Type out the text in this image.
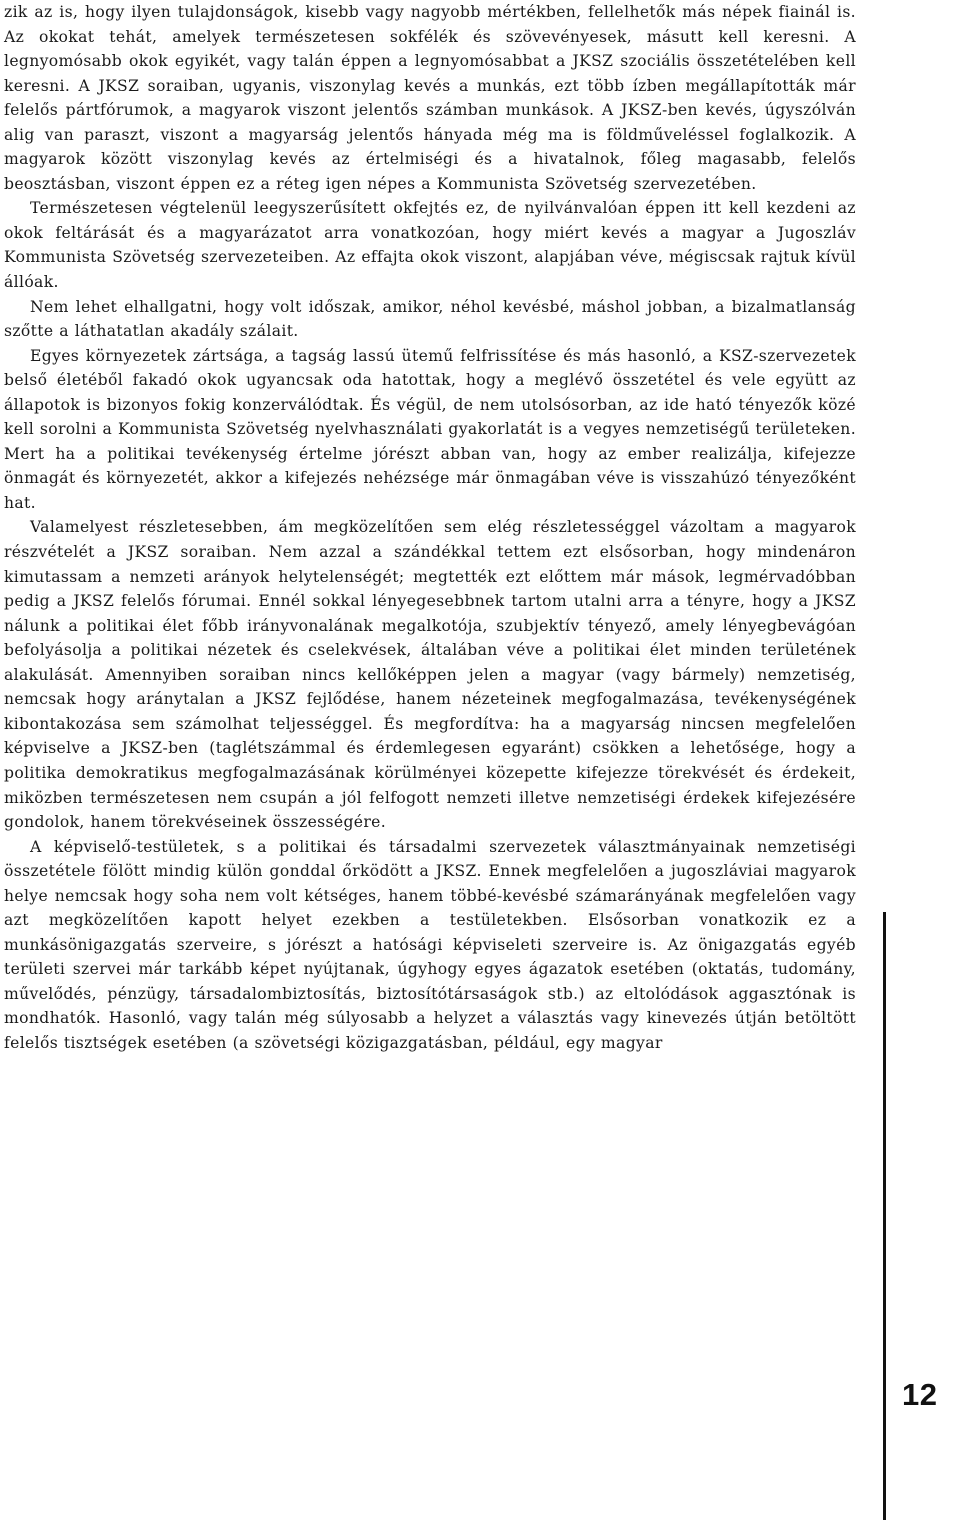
zik az is, hogy ilyen tulajdonságok, kisebb vagy nagyobb mértékben, fellelhetők más népek fiainál is. Az okokat tehát, amelyek természetesen sokfélék és szövevényesek, másutt kell keresni. A legnyomósabb okok egyikét, vagy talán éppen a legnyomósabbat a JKSZ szociális összetételében kell keresni. A JKSZ soraiban, ugyanis, viszonylag kevés a munkás, ezt több ízben megállapították már felelős pártfórumok, a magyarok viszont jelentős számban munkások. A JKSZ-ben kevés, úgyszólván alig van paraszt, viszont a magyarság jelentős hányada még ma is földműveléssel foglalkozik. A magyarok között viszonylag kevés az értelmiségi és a hivatalnok, főleg magasabb, felelős beosztásban, viszont éppen ez a réteg igen népes a Kommunista Szövetség szervezetében.

Természetesen végtelenül leegyszerűsített okfejtés ez, de nyilvánvalóan éppen itt kell kezdeni az okok feltárását és a magyarázatot arra vonatkozóan, hogy miért kevés a magyar a Jugoszláv Kommunista Szövetség szervezeteiben. Az effajta okok viszont, alapjában véve, mégiscsak rajtuk kívül állóak.

Nem lehet elhallgatni, hogy volt időszak, amikor, néhol kevésbé, máshol jobban, a bizalmatlanság szőtte a láthatatlan akadály szálait.

Egyes környezetek zártsága, a tagság lassú ütemű felfrissítése és más hasonló, a KSZ-szervezetek belső életéből fakadó okok ugyancsak oda hatottak, hogy a meglévő összetétel és vele együtt az állapotok is bizonyos fokig konzerválódtak. És végül, de nem utolsósorban, az ide ható tényezők közé kell sorolni a Kommunista Szövetség nyelvhasználati gyakorlatát is a vegyes nemzetiségű területeken. Mert ha a politikai tevékenység értelme jórészt abban van, hogy az ember realizálja, kifejezze önmagát és környezetét, akkor a kifejezés nehézsége már önmagában véve is visszahúzó tényezőként hat.

Valamelyest részletesebben, ám megközelítően sem elég részletességgel vázoltam a magyarok részvételét a JKSZ soraiban. Nem azzal a szándékkal tettem ezt elsősorban, hogy mindenáron kimutassam a nemzeti arányok helytelenségét; megtették ezt előttem már mások, legmérvadóbban pedig a JKSZ felelős fórumai. Ennél sokkal lényegesebbnek tartom utalni arra a tényre, hogy a JKSZ nálunk a politikai élet főbb irányvonalának megalkotója, szubjektív tényező, amely lényegbevágóan befolyásolja a politikai nézetek és cselekvések, általában véve a politikai élet minden területének alakulását. Amennyiben soraiban nincs kellőképpen jelen a magyar (vagy bármely) nemzetiség, nemcsak hogy aránytalan a JKSZ fejlődése, hanem nézeteinek megfogalmazása, tevékenységének kibontakozása sem számolhat teljességgel. És megfordítva: ha a magyarság nincsen megfelelően képviselve a JKSZ-ben (taglétszámmal és érdemlegesen egyaránt) csökken a lehetősége, hogy a politika demokratikus megfogalmazásának körülményei közepette kifejezze törekvését és érdekeit, miközben természetesen nem csupán a jól felfogott nemzeti illetve nemzetiségi érdekek kifejezésére gondolok, hanem törekvéseinek összességére.

A képviselő-testületek, s a politikai és társadalmi szervezetek választmányainak nemzetiségi összetétele fölött mindig külön gonddal őrködött a JKSZ. Ennek megfelelően a jugoszláviai magyarok helye nemcsak hogy soha nem volt kétséges, hanem többé-kevésbé számarányának megfelelően vagy azt megközelítően kapott helyet ezekben a testületekben. Elsősorban vonatkozik ez a munkásönigazgatás szerveire, s jórészt a hatósági képviseleti szerveire is. Az önigazgatás egyéb területi szervei már tarkább képet nyújtanak, úgyhogy egyes ágazatok esetében (oktatás, tudomány, művelődés, pénzügy, társadalombiztosítás, biztosítótársaságok stb.) az eltolódások aggasztónak is mondhatók. Hasonló, vagy talán még súlyosabb a helyzet a választás vagy kinevezés útján betöltött felelős tisztségek esetében (a szövetségi közigazgatásban, például, egy magyar

12
